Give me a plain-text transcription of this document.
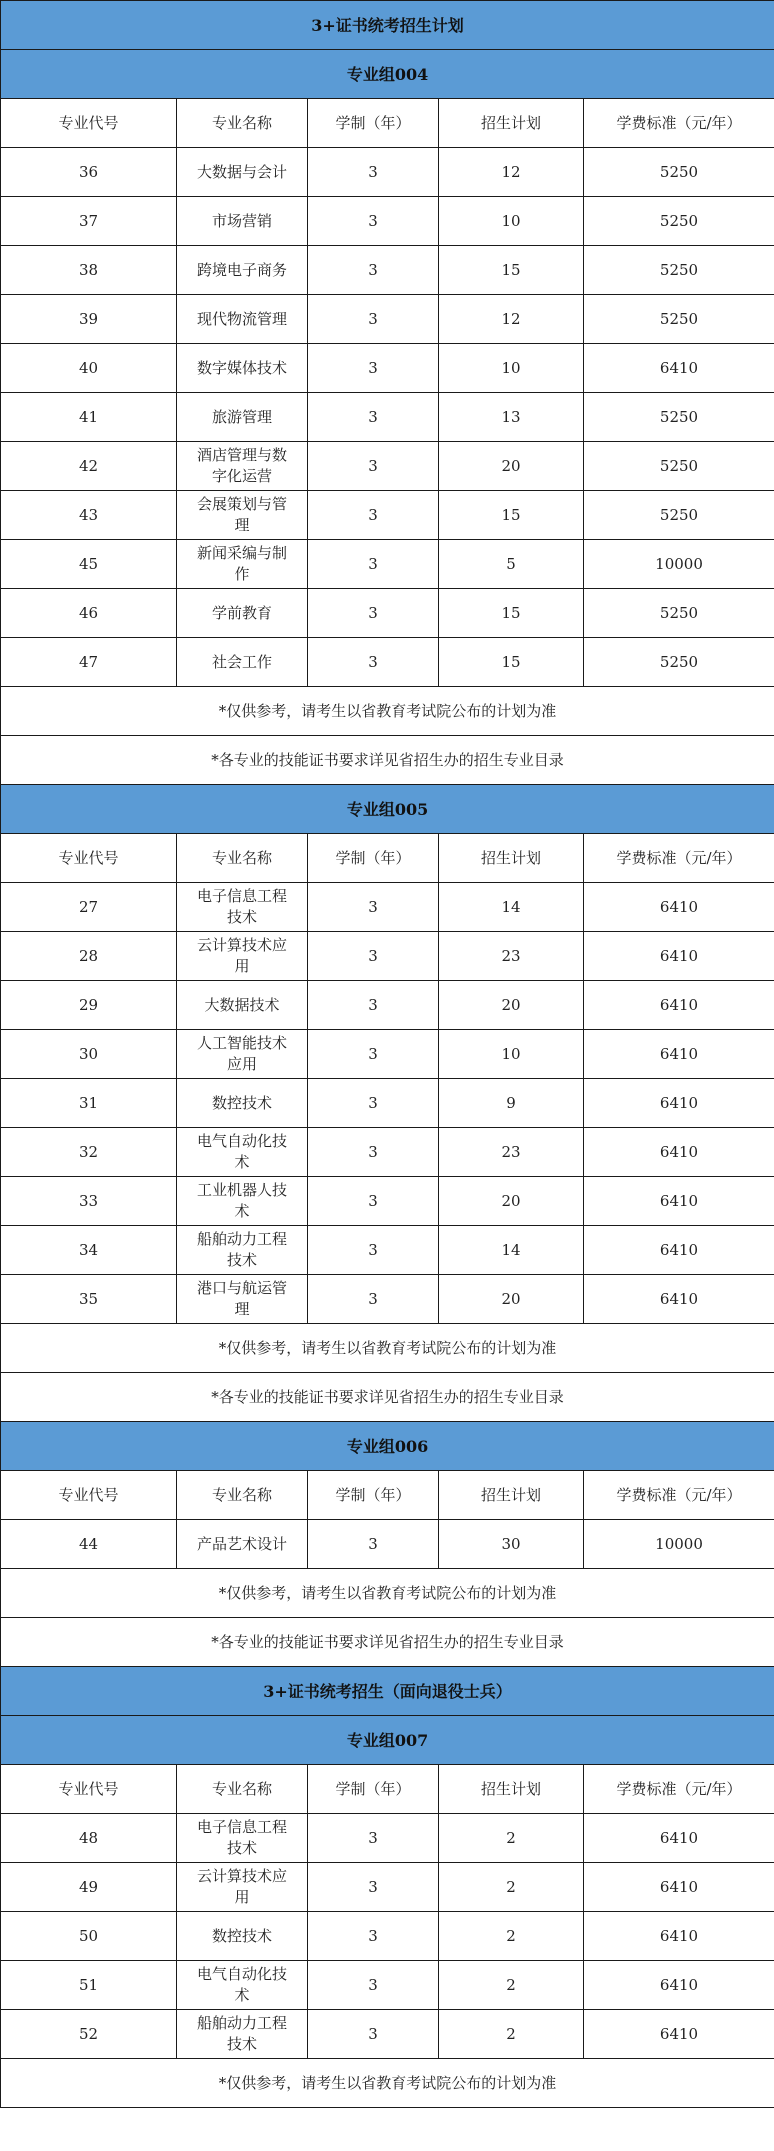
3+证书统考招生计划				
专业组004				
专业代号	专业名称	学制（年）	招生计划	学费标准（元/年）
36	大数据与会计	3	12	5250
37	市场营销	3	10	5250
38	跨境电子商务	3	15	5250
39	现代物流管理	3	12	5250
40	数字媒体技术	3	10	6410
41	旅游管理	3	13	5250
42	酒店管理与数字化运营	3	20	5250
43	会展策划与管理	3	15	5250
45	新闻采编与制作	3	5	10000
46	学前教育	3	15	5250
47	社会工作	3	15	5250
*仅供参考，请考生以省教育考试院公布的计划为准				
*各专业的技能证书要求详见省招生办的招生专业目录				
专业组005				
专业代号	专业名称	学制（年）	招生计划	学费标准（元/年）
27	电子信息工程技术	3	14	6410
28	云计算技术应用	3	23	6410
29	大数据技术	3	20	6410
30	人工智能技术应用	3	10	6410
31	数控技术	3	9	6410
32	电气自动化技术	3	23	6410
33	工业机器人技术	3	20	6410
34	船舶动力工程技术	3	14	6410
35	港口与航运管理	3	20	6410
*仅供参考，请考生以省教育考试院公布的计划为准				
*各专业的技能证书要求详见省招生办的招生专业目录				
专业组006				
专业代号	专业名称	学制（年）	招生计划	学费标准（元/年）
44	产品艺术设计	3	30	10000
*仅供参考，请考生以省教育考试院公布的计划为准				
*各专业的技能证书要求详见省招生办的招生专业目录				
3+证书统考招生（面向退役士兵）				
专业组007				
专业代号	专业名称	学制（年）	招生计划	学费标准（元/年）
48	电子信息工程技术	3	2	6410
49	云计算技术应用	3	2	6410
50	数控技术	3	2	6410
51	电气自动化技术	3	2	6410
52	船舶动力工程技术	3	2	6410
*仅供参考，请考生以省教育考试院公布的计划为准				
